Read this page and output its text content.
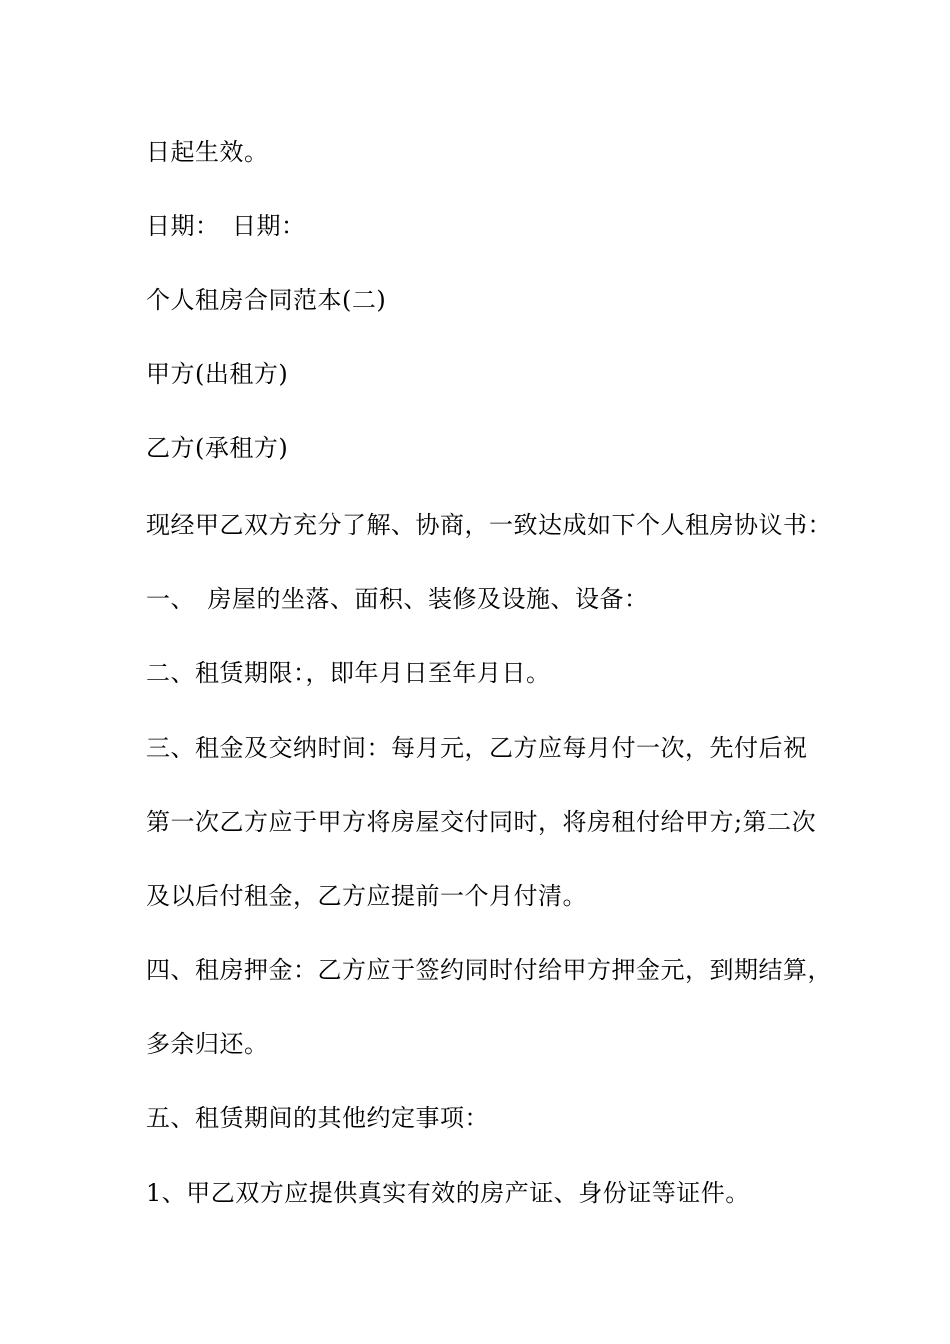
日起生效。
日期：　日期：
个人租房合同范本(二)
甲方(出租方)
乙方(承租方)
现经甲乙双方充分了解、协商，一致达成如下个人租房协议书：
一、　房屋的坐落、面积、装修及设施、设备：
二、租赁期限：，即年月日至年月日。
三、租金及交纳时间：每月元，乙方应每月付一次，先付后祝
第一次乙方应于甲方将房屋交付同时，将房租付给甲方;第二次
及以后付租金，乙方应提前一个月付清。
四、租房押金：乙方应于签约同时付给甲方押金元，到期结算，
多余归还。
五、租赁期间的其他约定事项：
1、甲乙双方应提供真实有效的房产证、身份证等证件。
